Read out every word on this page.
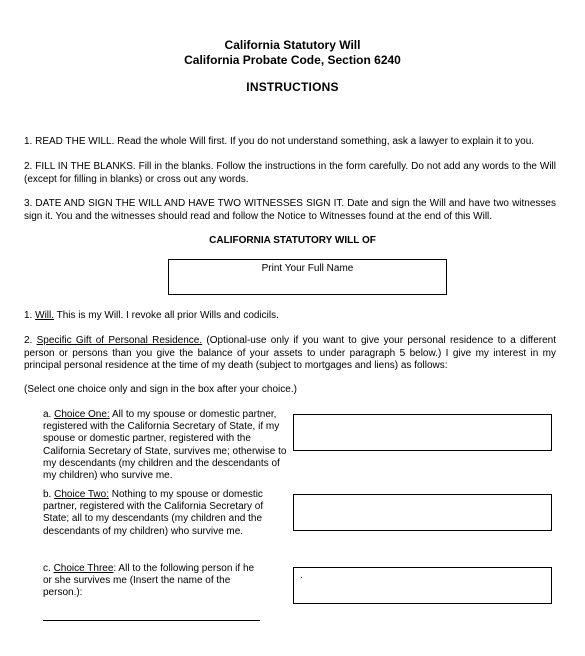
California Statutory Will
California Probate Code, Section 6240
INSTRUCTIONS
1. READ THE WILL. Read the whole Will first. If you do not understand something, ask a lawyer to explain it to you.
2. FILL IN THE BLANKS. Fill in the blanks. Follow the instructions in the form carefully. Do not add any words to the Will (except for filling in blanks) or cross out any words.
3. DATE AND SIGN THE WILL AND HAVE TWO WITNESSES SIGN IT. Date and sign the Will and have two witnesses sign it. You and the witnesses should read and follow the Notice to Witnesses found at the end of this Will.
CALIFORNIA STATUTORY WILL OF
Print Your Full Name
1. Will. This is my Will. I revoke all prior Wills and codicils.
2. Specific Gift of Personal Residence. (Optional-use only if you want to give your personal residence to a different person or persons than you give the balance of your assets to under paragraph 5 below.) I give my interest in my principal personal residence at the time of my death (subject to mortgages and liens) as follows:
(Select one choice only and sign in the box after your choice.)
a. Choice One: All to my spouse or domestic partner, registered with the California Secretary of State, if my spouse or domestic partner, registered with the California Secretary of State, survives me; otherwise to my descendants (my children and the descendants of my children) who survive me.
b. Choice Two: Nothing to my spouse or domestic partner, registered with the California Secretary of State; all to my descendants (my children and the descendants of my children) who survive me.
c. Choice Three: All to the following person if he or she survives me (Insert the name of the person.):
.
